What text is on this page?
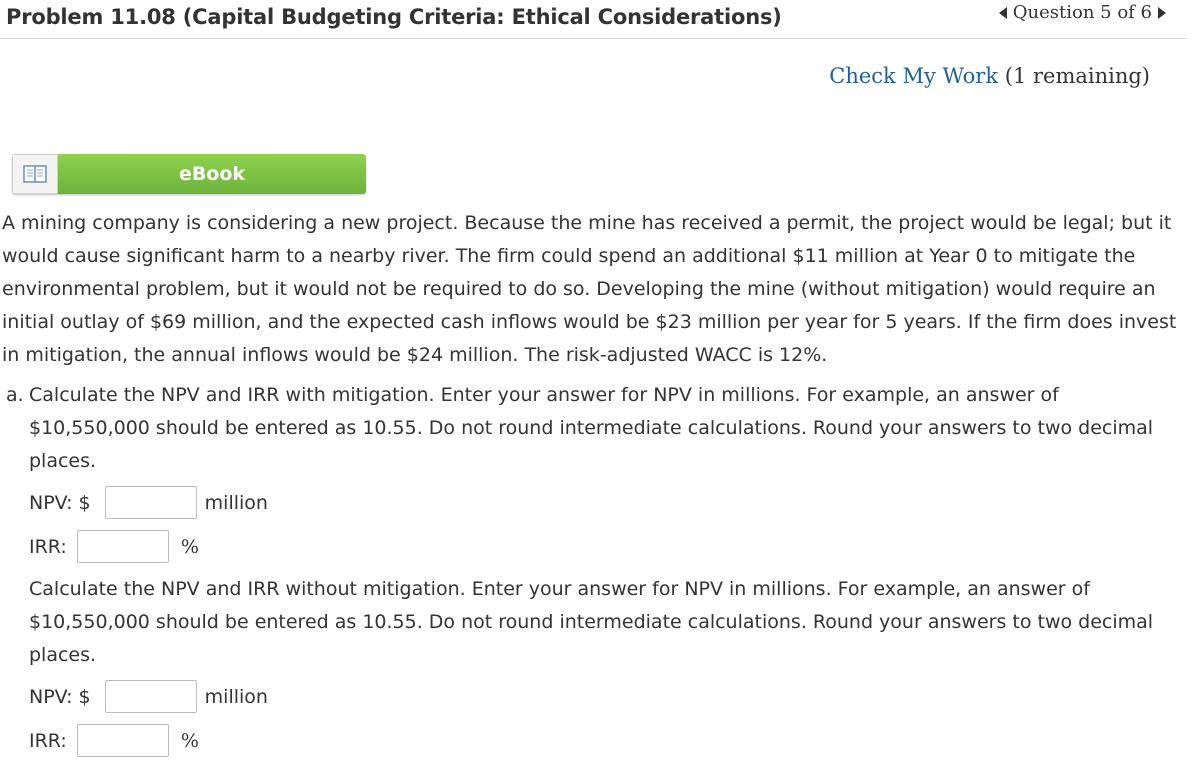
Problem 11.08 (Capital Budgeting Criteria: Ethical Considerations)	Question 5 of 6
Check My Work (1 remaining)
eBook
A mining company is considering a new project. Because the mine has received a permit, the project would be legal; but it would cause significant harm to a nearby river. The firm could spend an additional $11 million at Year 0 to mitigate the environmental problem, but it would not be required to do so. Developing the mine (without mitigation) would require an initial outlay of $69 million, and the expected cash inflows would be $23 million per year for 5 years. If the firm does invest in mitigation, the annual inflows would be $24 million. The risk-adjusted WACC is 12%.
a. Calculate the NPV and IRR with mitigation. Enter your answer for NPV in millions. For example, an answer of $10,550,000 should be entered as 10.55. Do not round intermediate calculations. Round your answers to two decimal places.
NPV: $	million
IRR:	%
Calculate the NPV and IRR without mitigation. Enter your answer for NPV in millions. For example, an answer of $10,550,000 should be entered as 10.55. Do not round intermediate calculations. Round your answers to two decimal places.
NPV: $	million
IRR:	%
